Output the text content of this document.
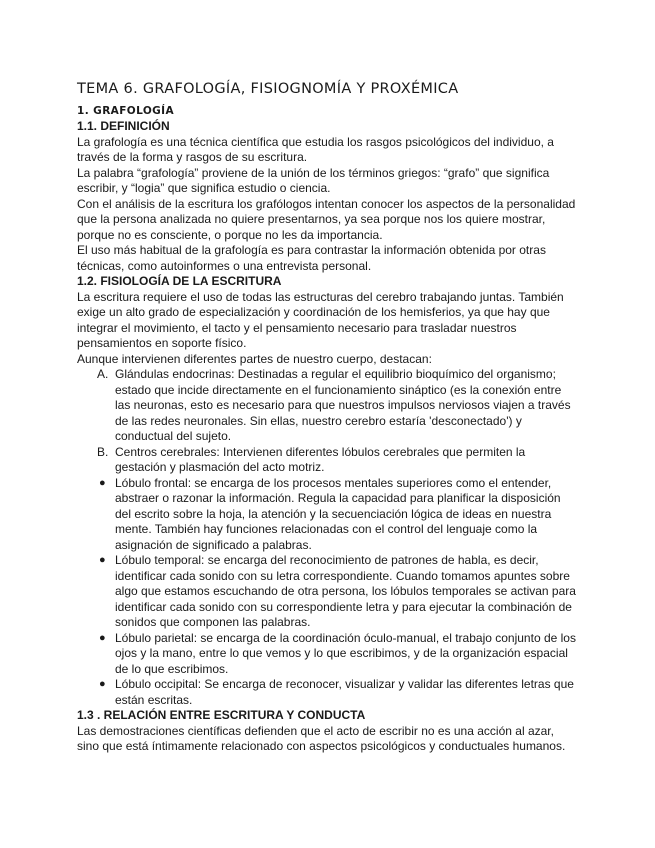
TEMA 6. GRAFOLOGÍA, FISIOGNOMÍA Y PROXÉMICA
1. GRAFOLOGÍA
1.1. DEFINICIÓN

La grafología es una técnica científica que estudia los rasgos psicológicos del individuo, a través de la forma y rasgos de su escritura.

La palabra “grafología” proviene de la unión de los términos griegos: “grafo” que significa escribir, y “logia” que significa estudio o ciencia.

Con el análisis de la escritura los grafólogos intentan conocer los aspectos de la personalidad que la persona analizada no quiere presentarnos, ya sea porque nos los quiere mostrar, porque no es consciente, o porque no les da importancia.

El uso más habitual de la grafología es para contrastar la información obtenida por otras técnicas, como autoinformes o una entrevista personal.

1.2. FISIOLOGÍA DE LA ESCRITURA

La escritura requiere el uso de todas las estructuras del cerebro trabajando juntas. También exige un alto grado de especialización y coordinación de los hemisferios, ya que hay que integrar el movimiento, el tacto y el pensamiento necesario para trasladar nuestros pensamientos en soporte físico.

Aunque intervienen diferentes partes de nuestro cuerpo, destacan:

A. Glándulas endocrinas: Destinadas a regular el equilibrio bioquímico del organismo; estado que incide directamente en el funcionamiento sináptico (es la conexión entre las neuronas, esto es necesario para que nuestros impulsos nerviosos viajen a través de las redes neuronales. Sin ellas, nuestro cerebro estaría 'desconectado') y conductual del sujeto.
B. Centros cerebrales: Intervienen diferentes lóbulos cerebrales que permiten la gestación y plasmación del acto motriz.
● Lóbulo frontal: se encarga de los procesos mentales superiores como el entender, abstraer o razonar la información. Regula la capacidad para planificar la disposición del escrito sobre la hoja, la atención y la secuenciación lógica de ideas en nuestra mente. También hay funciones relacionadas con el control del lenguaje como la asignación de significado a palabras.
● Lóbulo temporal: se encarga del reconocimiento de patrones de habla, es decir, identificar cada sonido con su letra correspondiente. Cuando tomamos apuntes sobre algo que estamos escuchando de otra persona, los lóbulos temporales se activan para identificar cada sonido con su correspondiente letra y para ejecutar la combinación de sonidos que componen las palabras.
● Lóbulo parietal: se encarga de la coordinación óculo-manual, el trabajo conjunto de los ojos y la mano, entre lo que vemos y lo que escribimos, y de la organización espacial de lo que escribimos.
● Lóbulo occipital: Se encarga de reconocer, visualizar y validar las diferentes letras que están escritas.
1.3 . RELACIÓN ENTRE ESCRITURA Y CONDUCTA

Las demostraciones científicas defienden que el acto de escribir no es una acción al azar, sino que está íntimamente relacionado con aspectos psicológicos y conductuales humanos.
